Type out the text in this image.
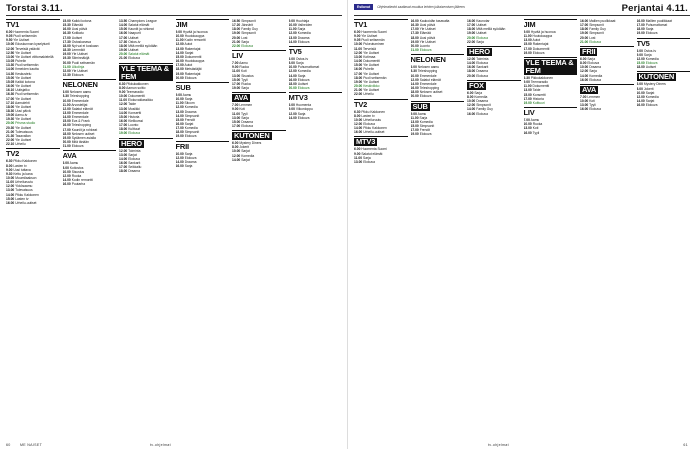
Torstai 3.11.
TV1
6.00 Huomenta Suomi
9.05 Puoli seitsemän
9.50 Yle Uutiset
10.00 Eduskunnan kyselytunti
12.00 Terveisiä ystävät
12.50 Yle Uutiset
13.00 Yle Uutiset viittomakielellä
13.05 Puhelin
13.30 Puoli seitsemän
14.00 Ihmeiden kautta
14.30 Keskustelu
15.00 Yle Uutiset
15.05 Kaikki kotona
16.00 Yle Uutiset
16.10 Uutisjatko
16.30 Puoli seitsemän
17.00 Yle Uutiset
17.10 Aamulehti
18.00 Yle Uutiset
18.30 Uusi päivä
19.00 Aamu-tv
19.30 Yle Uutiset
20.00 Prisma studio
20.30 Yle Uutiset
21.00 Tulevaisuus
21.30 Tasavallan
22.00 Yle Uutiset
22.10 Urheilu
TV2
6.30 Pikku Kakkonen
8.00 Lasten tv
9.00 Uusi tuttava
9.30 Kettu ja kana
10.00 Muumilaakson
11.00 Urheiluruutu
12.00 Ykkösaamu
13.00 Tulevaisuus
14.00 Pikku Kakkonen
15.00 Lasten tv
16.00 Urheilu-uutiset
15.00 Kaikki kotona
15.30 Elämää
16.00 Uusi päivä
16.30 Kotikatu
17.00 Uutiset
17.30 Ostoskanava
18.00 Nyt vai ei koskaan
18.30 Lemmikit
19.00 Yle Uutiset
19.30 Silminnäkijä
20.00 Puoli seitsemän
21.00 Ulkolinja
22.00 Yle Uutiset
22.30 Elokuva
NELONEN
6.00 Nelosen aamu
8.30 Teleshopping
10.00 Emmerdale
11.00 Arvostelijat
12.00 Salatut elämät
13.00 Emmerdale
14.00 Emmerdale
15.00 Eva & Frank
16.00 Teleshopping
17.00 Kauniit ja rohkeat
18.00 Nelosen uutiset
19.00 Sydämen asialla
20.00 Mitä tänään
21.00 Elokuva
AVA
6.00 Aamu
8.00 Kotiostos
10.00 Sisustus
12.00 Ruoka
14.00 Kodin remontti
16.00 Puutarha
13.50 Champions League
14.00 Salatut elämät
15.00 Kauniit ja rohkeat
16.00 Naapurit
17.00 Uutiset
17.30 Ostos-tv
18.00 Mitä meillä syödään
19.00 Uutiset
20.00 Salatut elämät
21.00 Elokuva
YLE TEEMA & FEM
6.30 Pikkukakkonen
8.00 Aamun soitto
9.00 Teemaradio
10.00 Dokumentti
11.00 Elokuvaklassikko
12.00 Taide
13.00 Musiikki
14.00 Konsertti
15.00 Historia
16.00 Kielikurssi
17.00 Luonto
18.00 Kulttuuri
19.00 Elokuva
HERO
12.00 Toiminta
13.00 Sarjat
14.00 Elokuva
16.00 Sankarit
17.00 Seikkailu
18.00 Draama
JIM
9.00 Hyvää ja huonoa
10.00 Huutokauppa
11.00 Kodin remontti
12.00 Autot
13.00 Rakentajat
14.00 Sarjat
15.00 Dokumentti
16.00 Huutokauppa
17.00 Autot
18.00 Metsästäjät
19.00 Rakentajat
20.00 Elokuva
SUB
9.00 Aamu
10.00 Sarja
11.00 Sitcom
12.00 Komedia
13.00 Draama
14.00 Simpsonit
15.00 Frendit
16.00 Sarjat
17.00 Komedia
18.00 Simpsonit
19.00 Elokuva
FRII
10.00 Sarja
12.00 Elokuva
14.00 Draama
16.00 Sarja
16.50 Simpsonit
17.20 Jännärit
18.00 Family Guy
19.00 Simpsonit
20.00 Lost
21.00 Sarja
22.00 Elokuva
LIV
7.00 Aamu
9.00 Ruoka
11.00 Koti
13.00 Sisustus
15.00 Tyyli
17.00 Ruoka
19.00 Sarja
AVA
7.00 Lemmen
9.00 Koti
11.00 Tyyli
13.00 Sarja
15.00 Draama
17.00 Elokuva
KUTONEN
6.00 Mystery Diners
8.00 Jokerit
10.00 Sarjat
12.00 Komedia
14.00 Sarjat
9.00 Huuhtaja
10.00 Valheiden
11.00 Sarja
12.00 Komedia
13.00 Draama
14.00 Elokuva
TV5
6.00 Ostos-tv
8.00 Sarja
10.00 Puhumattomat
12.00 Komedia
14.00 Sarja
16.00 Elokuva
18.00 Uutiset
20.00 Elokuva
MTV3
6.00 Huomenta
9.00 Viikonloppu
12.00 Sarja
14.00 Elokuva
60	ME NAISET	tv-ohjelmat
Esiluvut	Ohjelmatiedot saattavat muuttua lehden julkaisemisen jälkeen.	Perjantai 4.11.
TV1
6.00 Huomenta Suomi
9.00 Yle Uutiset
9.05 Puoli seitsemän
10.00 Pukeutuminen
11.00 Terveisiä
12.00 Yle Uutiset
13.00 Kotimaa
14.00 Dokumentti
15.00 Yle Uutiset
16.00 Puhelin
17.00 Yle Uutiset
18.00 Puoli seitsemän
19.00 Yle Uutiset
20.00 Keskiviikko
21.00 Yle Uutiset
22.00 Urheilu
TV2
6.30 Pikku Kakkonen
8.00 Lasten tv
10.00 Urheiluruutu
12.00 Elokuva
14.00 Pikku Kakkonen
16.00 Urheilu-uutiset
MTV3
6.00 Huomenta Suomi
9.00 Salatut elämät
11.00 Sarja
13.00 Elokuva
16.00 Kaukoidän tasavalta
16.30 Uusi päivä
17.00 Yle Uutiset
17.30 Elämää
18.00 Uusi päivä
19.00 Yle Uutiset
20.00 Luonto
21.00 Elokuva
NELONEN
6.00 Nelosen aamu
8.30 Teleshopping
10.00 Emmerdale
12.00 Salatut elämät
14.00 Emmerdale
16.00 Teleshopping
18.00 Nelosen uutiset
20.00 Elokuva
SUB
9.00 Aamu
11.00 Sarja
13.00 Komedia
15.00 Simpsonit
17.00 Frendit
19.00 Elokuva
16.00 Kaunotar
17.00 Uutiset
18.00 Mitä meillä syödään
19.00 Uutiset
20.00 Elokuva
22.00 Sarja
HERO
12.00 Toiminta
14.00 Elokuva
16.00 Sankarit
18.00 Draama
20.00 Elokuva
FOX
6.00 Sarja
8.00 Komedia
10.00 Draama
12.00 Simpsonit
14.00 Family Guy
16.00 Elokuva
JIM
9.00 Hyvää ja huonoa
11.00 Huutokauppa
13.00 Autot
15.00 Rakentajat
17.00 Dokumentti
19.00 Elokuva
YLE TEEMA & FEM
6.30 Pikkukakkonen
9.00 Teemaradio
11.00 Dokumentti
13.00 Taide
15.00 Konsertti
17.00 Historia
19.00 Kulttuuri
LIV
7.00 Aamu
10.00 Ruoka
13.00 Koti
16.00 Tyyli
16.00 Mallien puolikkaat
17.00 Simpsonit
18.00 Family Guy
19.00 Simpsonit
20.00 Lost
21.00 Elokuva
FRII
6.00 Sarja
8.00 Elokuva
10.00 Draama
12.00 Sarja
14.00 Komedia
16.00 Elokuva
AVA
7.00 Lemmen
10.00 Koti
13.00 Tyyli
16.00 Elokuva
16.00 Mallien puolikkaat
17.00 Puhumattomat
18.00 Sarja
19.00 Elokuva
TV5
6.00 Ostos-tv
9.00 Sarja
12.00 Komedia
15.00 Elokuva
18.00 Uutiset
KUTONEN
6.00 Mystery Diners
8.00 Jokerit
10.00 Sarjat
12.00 Komedia
14.00 Sarjat
16.00 Elokuva
tv-ohjelmat	61
